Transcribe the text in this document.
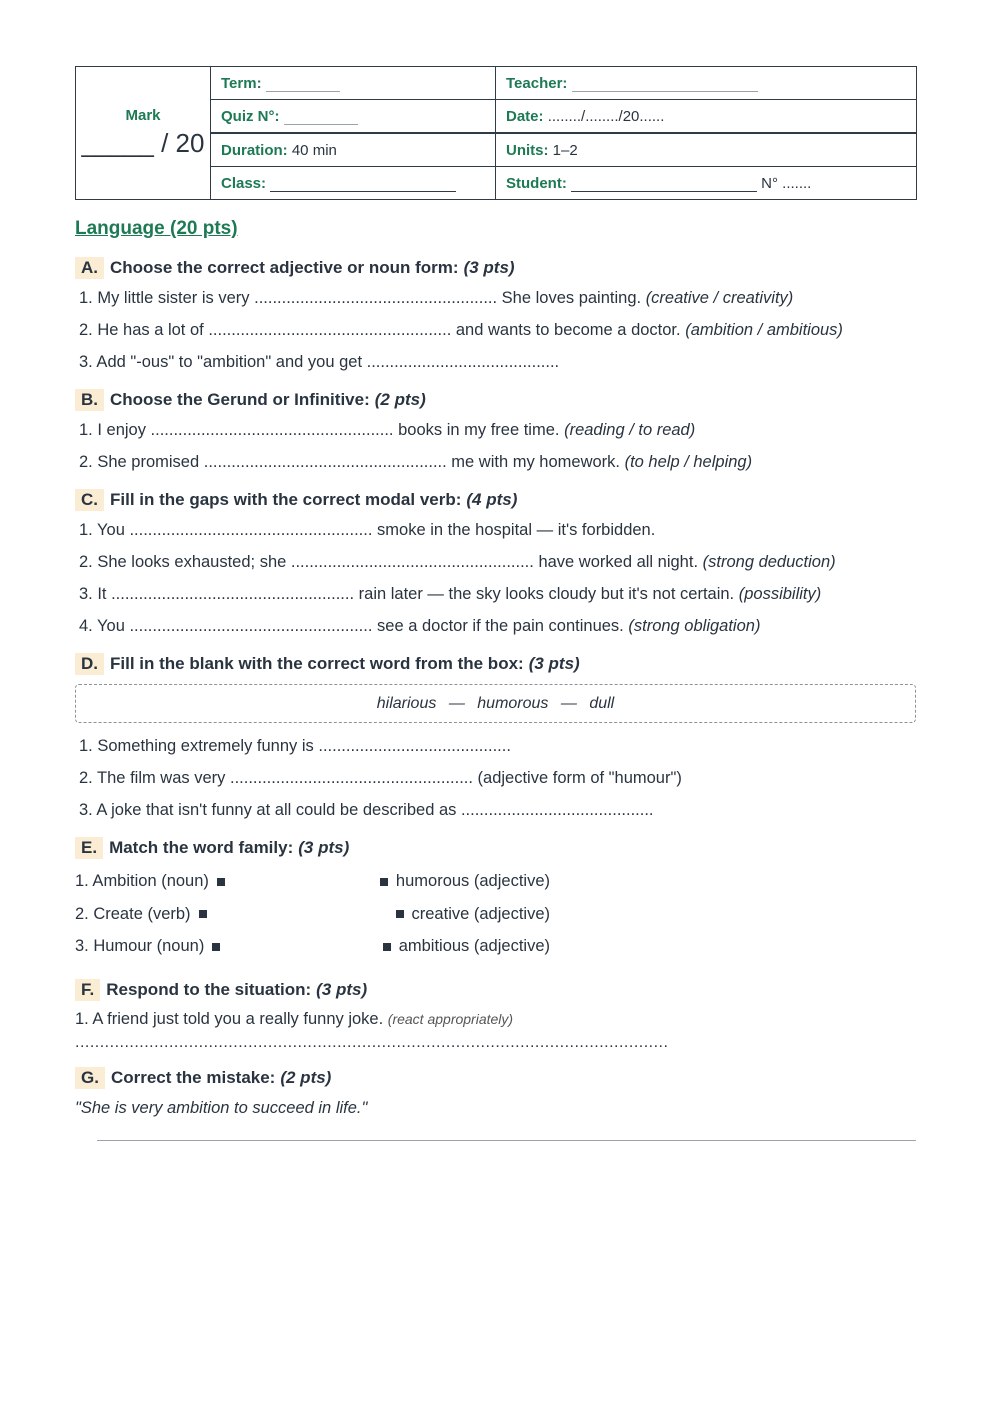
Mark
_____ / 20	Term:	Teacher:
	Quiz N°:	Date: ......../......../20......
	Duration: 40 min	Units: 1–2
	Class:	Student: N° .......
Language (20 pts)
A. Choose the correct adjective or noun form: (3 pts)
1. My little sister is very ..................................................... She loves painting. (creative / creativity)
2. He has a lot of ..................................................... and wants to become a doctor. (ambition / ambitious)
3. Add "-ous" to "ambition" and you get ..........................................
B. Choose the Gerund or Infinitive: (2 pts)
1. I enjoy ..................................................... books in my free time. (reading / to read)
2. She promised ..................................................... me with my homework. (to help / helping)
C. Fill in the gaps with the correct modal verb: (4 pts)
1. You ..................................................... smoke in the hospital — it's forbidden.
2. She looks exhausted; she ..................................................... have worked all night. (strong deduction)
3. It ..................................................... rain later — the sky looks cloudy but it's not certain. (possibility)
4. You ..................................................... see a doctor if the pain continues. (strong obligation)
D. Fill in the blank with the correct word from the box: (3 pts)
hilarious — humorous — dull
1. Something extremely funny is ..........................................
2. The film was very ..................................................... (adjective form of "humour")
3. A joke that isn't funny at all could be described as ..........................................
E. Match the word family: (3 pts)
1. Ambition (noun)	humorous (adjective)
2. Create (verb)	creative (adjective)
3. Humour (noun)	ambitious (adjective)
F. Respond to the situation: (3 pts)
1. A friend just told you a really funny joke. (react appropriately)
........................................................................................................................
G. Correct the mistake: (2 pts)
"She is very ambition to succeed in life."
